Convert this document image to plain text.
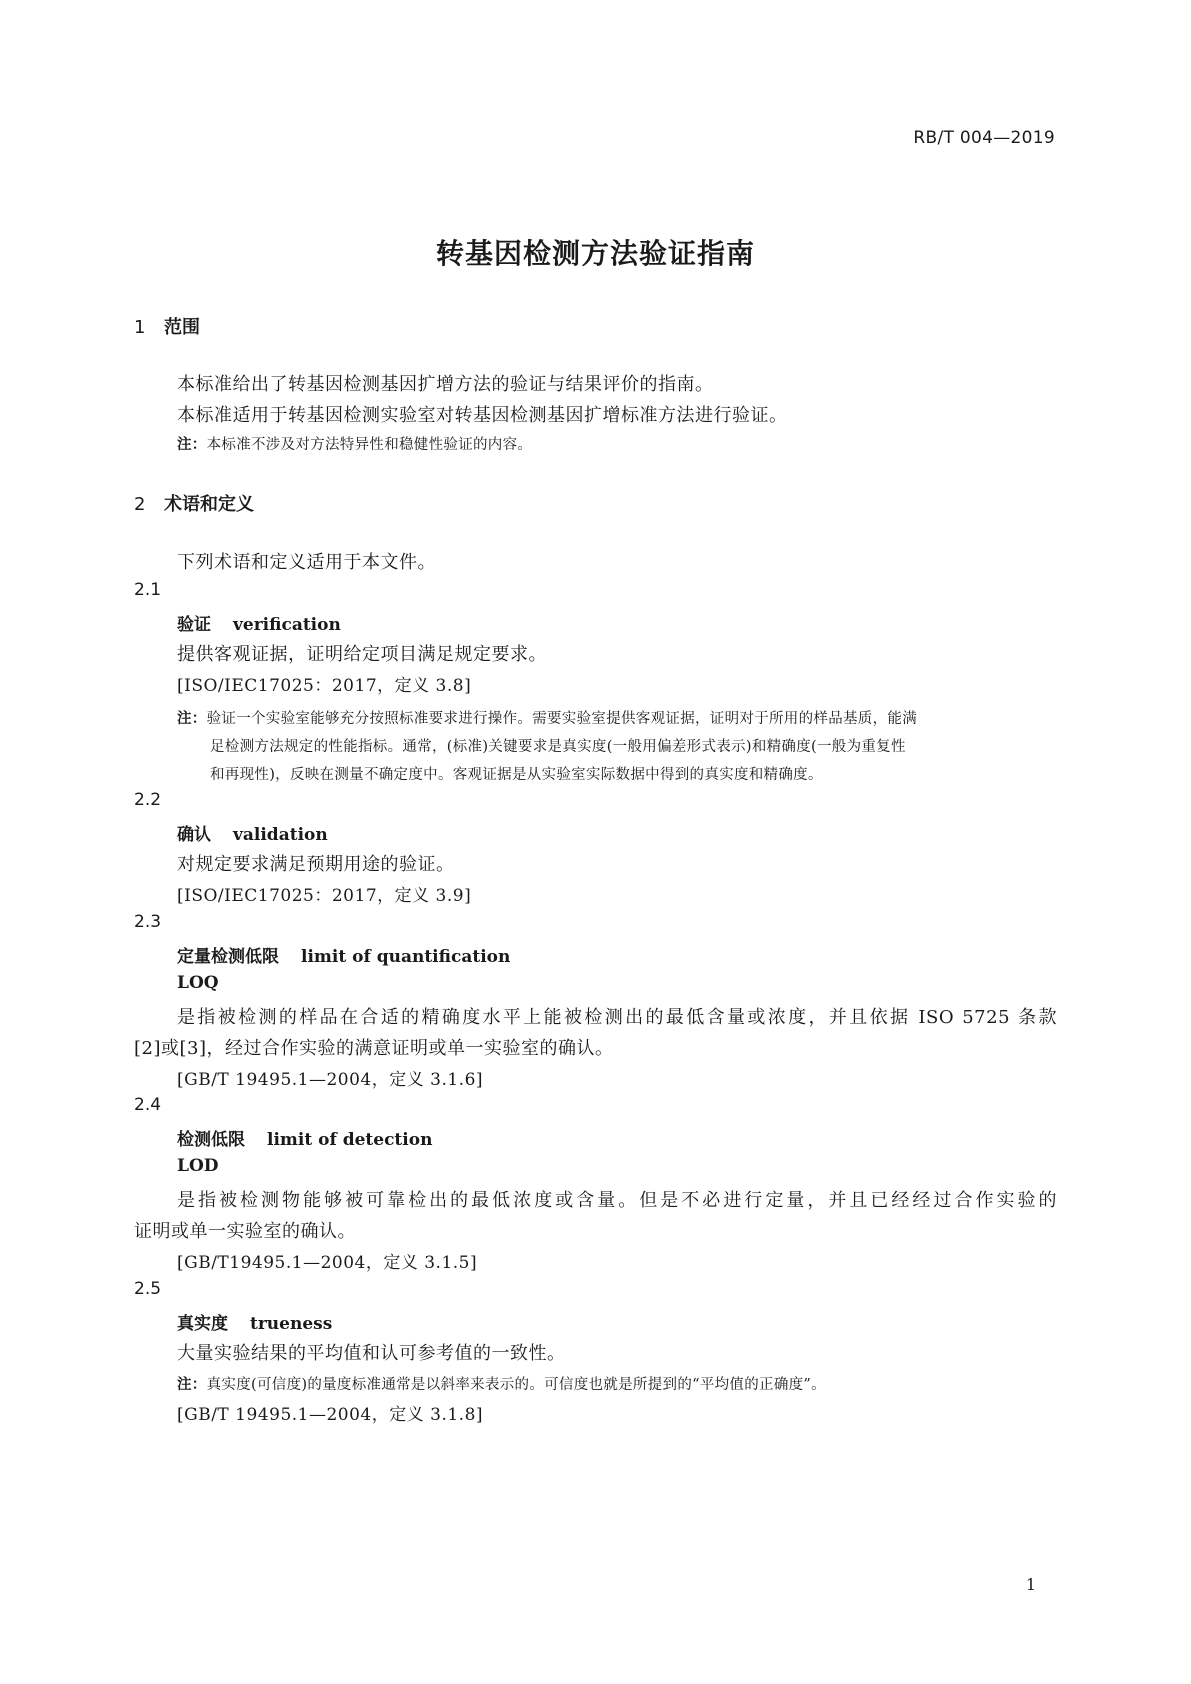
RB/T 004—2019
转基因检测方法验证指南
1 范围
本标准给出了转基因检测基因扩增方法的验证与结果评价的指南。
本标准适用于转基因检测实验室对转基因检测基因扩增标准方法进行验证。
注：本标准不涉及对方法特异性和稳健性验证的内容。
2 术语和定义
下列术语和定义适用于本文件。
2.1
验证 verification
提供客观证据，证明给定项目满足规定要求。
[ISO/IEC17025：2017，定义 3.8]
注：验证一个实验室能够充分按照标准要求进行操作。需要实验室提供客观证据，证明对于所用的样品基质，能满
足检测方法规定的性能指标。通常，(标准)关键要求是真实度(一般用偏差形式表示)和精确度(一般为重复性
和再现性)，反映在测量不确定度中。客观证据是从实验室实际数据中得到的真实度和精确度。
2.2
确认 validation
对规定要求满足预期用途的验证。
[ISO/IEC17025：2017，定义 3.9]
2.3
定量检测低限 limit of quantification
LOQ
是指被检测的样品在合适的精确度水平上能被检测出的最低含量或浓度，并且依据 ISO 5725 条款
[2]或[3]，经过合作实验的满意证明或单一实验室的确认。
[GB/T 19495.1—2004，定义 3.1.6]
2.4
检测低限 limit of detection
LOD
是指被检测物能够被可靠检出的最低浓度或含量。但是不必进行定量，并且已经经过合作实验的
证明或单一实验室的确认。
[GB/T19495.1—2004，定义 3.1.5]
2.5
真实度 trueness
大量实验结果的平均值和认可参考值的一致性。
注：真实度(可信度)的量度标准通常是以斜率来表示的。可信度也就是所提到的“平均值的正确度”。
[GB/T 19495.1—2004，定义 3.1.8]
1
